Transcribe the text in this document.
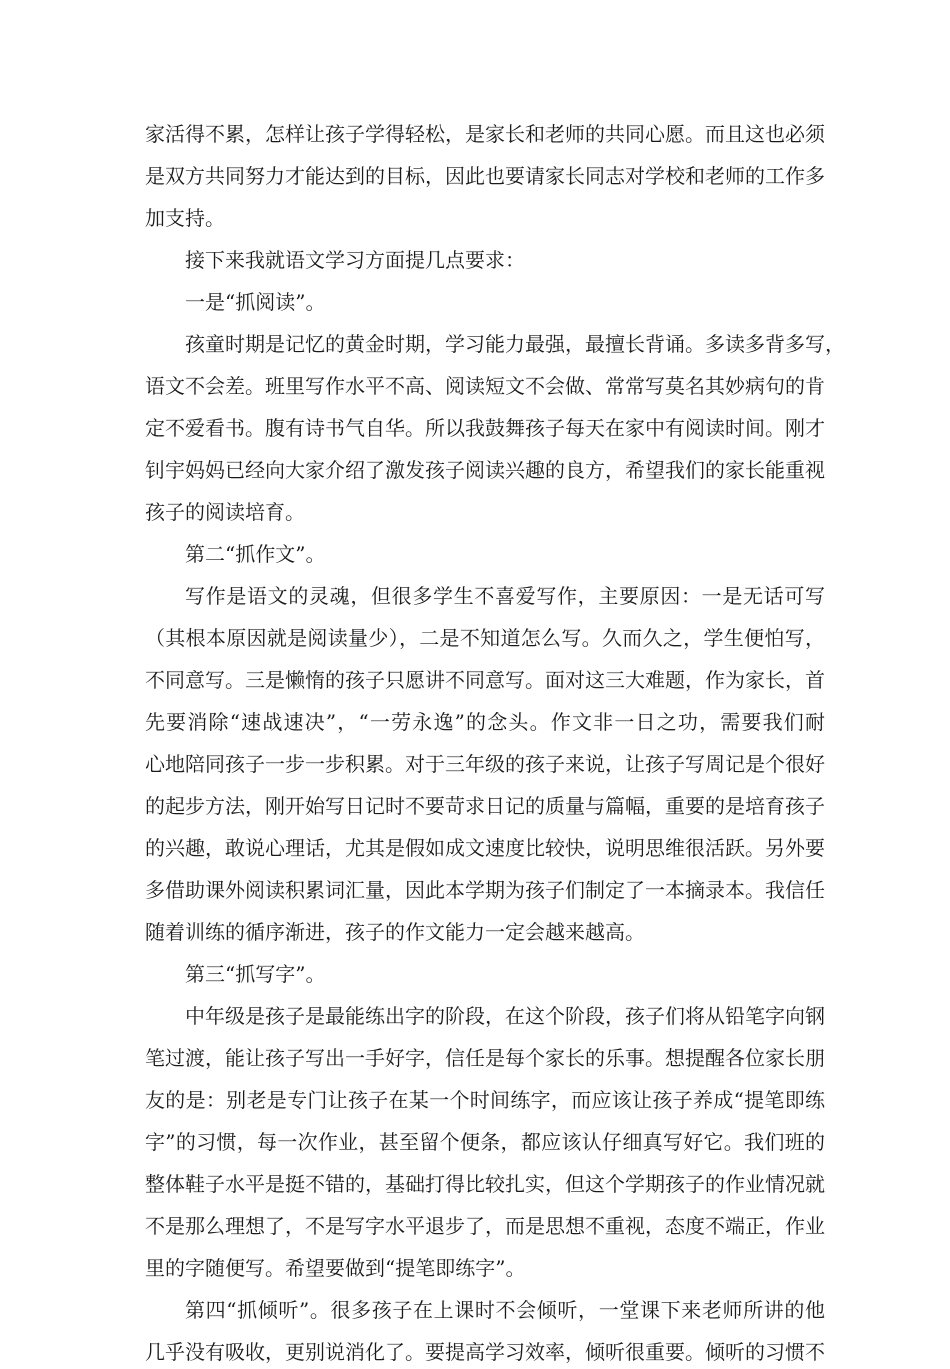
家活得不累，怎样让孩子学得轻松，是家长和老师的共同心愿。而且这也必须
是双方共同努力才能达到的目标，因此也要请家长同志对学校和老师的工作多
加支持。
接下来我就语文学习方面提几点要求：
一是“抓阅读”。
孩童时期是记忆的黄金时期，学习能力最强，最擅长背诵。多读多背多写，
语文不会差。班里写作水平不高、阅读短文不会做、常常写莫名其妙病句的肯
定不爱看书。腹有诗书气自华。所以我鼓舞孩子每天在家中有阅读时间。刚才
钊宇妈妈已经向大家介绍了激发孩子阅读兴趣的良方，希望我们的家长能重视
孩子的阅读培育。
第二“抓作文”。
写作是语文的灵魂，但很多学生不喜爱写作，主要原因：一是无话可写
（其根本原因就是阅读量少），二是不知道怎么写。久而久之，学生便怕写，
不同意写。三是懒惰的孩子只愿讲不同意写。面对这三大难题，作为家长，首
先要消除“速战速决”，“一劳永逸”的念头。作文非一日之功，需要我们耐
心地陪同孩子一步一步积累。对于三年级的孩子来说，让孩子写周记是个很好
的起步方法，刚开始写日记时不要苛求日记的质量与篇幅，重要的是培育孩子
的兴趣，敢说心理话，尤其是假如成文速度比较快，说明思维很活跃。另外要
多借助课外阅读积累词汇量，因此本学期为孩子们制定了一本摘录本。我信任
随着训练的循序渐进，孩子的作文能力一定会越来越高。
第三“抓写字”。
中年级是孩子是最能练出字的阶段，在这个阶段，孩子们将从铅笔字向钢
笔过渡，能让孩子写出一手好字，信任是每个家长的乐事。想提醒各位家长朋
友的是：别老是专门让孩子在某一个时间练字，而应该让孩子养成“提笔即练
字”的习惯，每一次作业，甚至留个便条，都应该认仔细真写好它。我们班的
整体鞋子水平是挺不错的，基础打得比较扎实，但这个学期孩子的作业情况就
不是那么理想了，不是写字水平退步了，而是思想不重视，态度不端正，作业
里的字随便写。希望要做到“提笔即练字”。
第四“抓倾听”。很多孩子在上课时不会倾听，一堂课下来老师所讲的他
几乎没有吸收，更别说消化了。要提高学习效率，倾听很重要。倾听的习惯不
